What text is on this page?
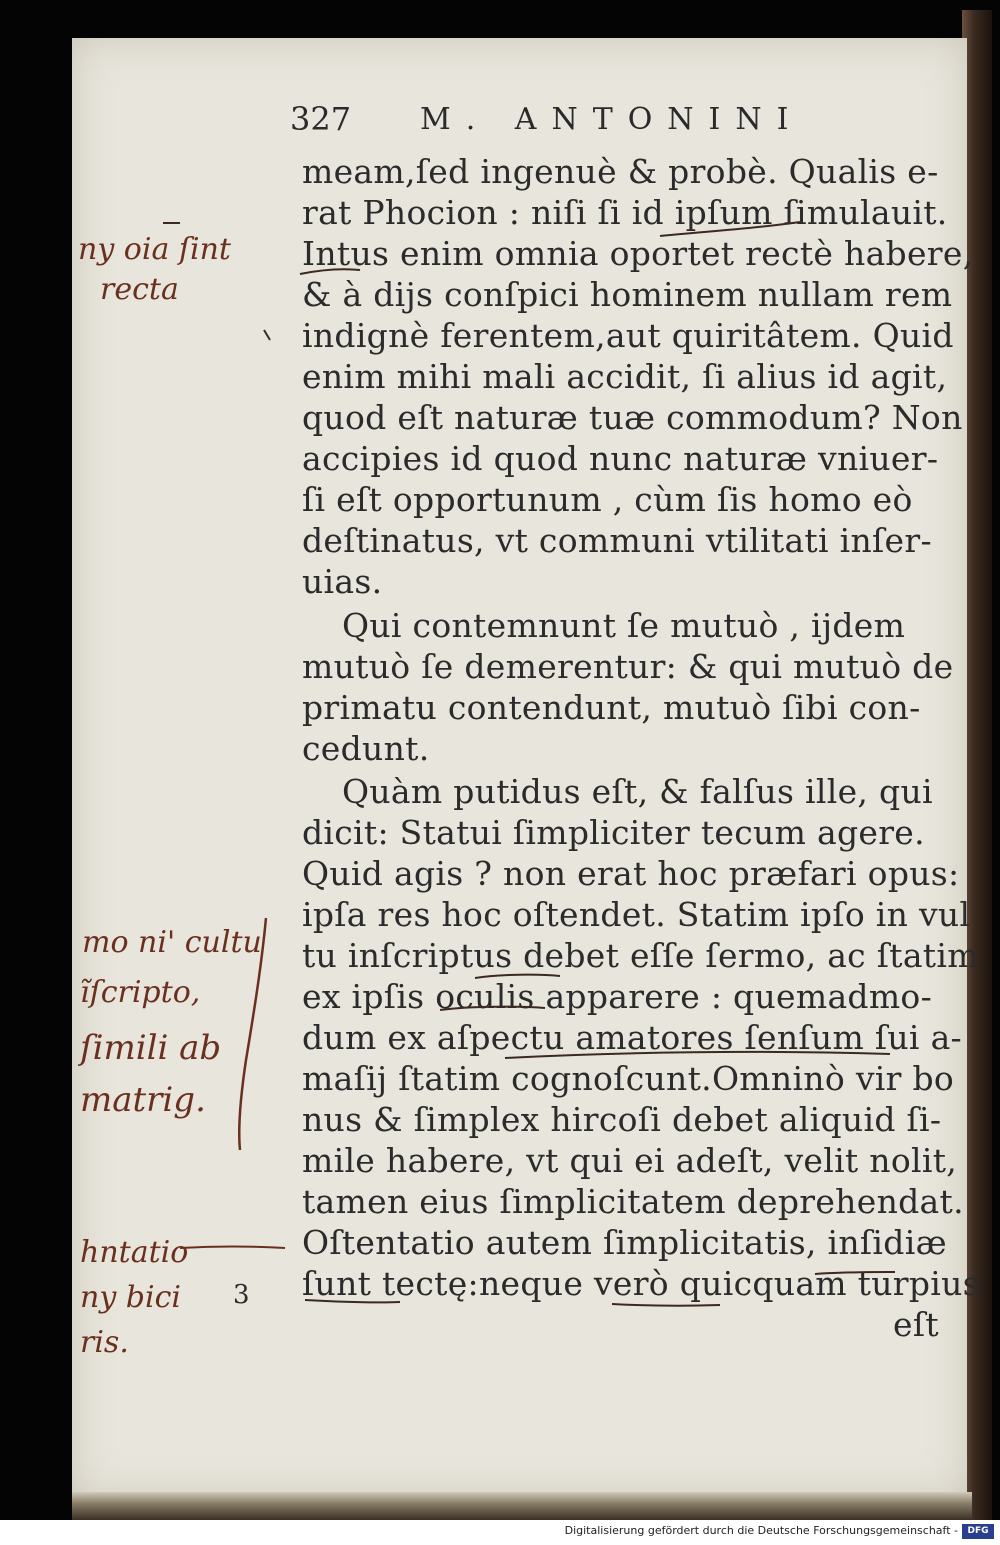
327 M. ANTONINI
meam,ſed ingenuè & probè. Qualis e-
rat Phocion : niſi ſi id ipſum ſimulauit.
Intus enim omnia oportet rectè habere,
& à dijs conſpici hominem nullam rem
indignè ferentem,aut quiritâtem. Quid
enim mihi mali accidit, ſi alius id agit,
quod eſt naturæ tuæ commodum? Non
accipies id quod nunc naturæ vniuer-
ſi eſt opportunum , cùm ſis homo eò
deſtinatus, vt communi vtilitati inſer-
uias.
Qui contemnunt ſe mutuò , ijdem
mutuò ſe demerentur: & qui mutuò de
primatu contendunt, mutuò ſibi con-
cedunt.
Quàm putidus eſt, & falſus ille, qui
dicit: Statui ſimpliciter tecum agere.
Quid agis ? non erat hoc præfari opus:
ipſa res hoc oſtendet. Statim ipſo in vul
tu inſcriptus debet eſſe ſermo, ac ſtatim
ex ipſis oculis apparere : quemadmo-
dum ex aſpectu amatores ſenſum ſui a-
maſij ſtatim cognoſcunt.Omninò vir bo
nus & ſimplex hircoſi debet aliquid ſi-
mile habere, vt qui ei adeſt, velit nolit,
tamen eius ſimplicitatem deprehendat.
Oſtentatio autem ſimplicitatis, inſidiæ
ſunt tectę:neque verò quicquam turpius
eſt
ny oia ſint
recta
mo ni' cultu
ĩſcripto,
ſimili ab
matrig.
hntatio
ny bici
ris.
3
Digitalisierung gefördert durch die Deutsche Forschungsgemeinschaft -	DFG
